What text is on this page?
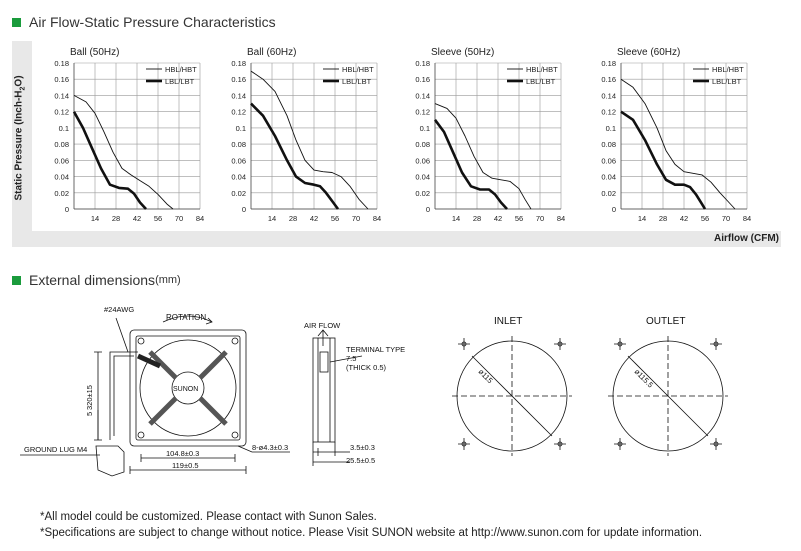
Air Flow-Static Pressure Characteristics
Ball (50Hz)
0
0.02
0.04
0.06
0.08
0.1
0.12
0.14
0.16
0.18
14 28 42 56 70 84
HBL/HBT
LBL/LBT
Ball (60Hz)
0
0.02
0.04
0.06
0.08
0.1
0.12
0.14
0.16
0.18
14 28 42 56 70 84
HBL/HBT
LBL/LBT
Sleeve (50Hz)
0
0.02
0.04
0.06
0.08
0.1
0.12
0.14
0.16
0.18
14 28 42 56 70 84
HBL/HBT
LBL/LBT
Sleeve (60Hz)
0
0.02
0.04
0.06
0.08
0.1
0.12
0.14
0.16
0.18
14 28 42 56 70 84
HBL/HBT
LBL/LBT
Static Pressure $(Inch-H_2O)$
Airflow (CFM)
External dimensions (mm)
#24AWG
ROTATION
SUNON
320±15
5
GROUND LUG M4	104.8±0.3
119±0.5
8-ø4.3±0.3
AIR FLOW
TERMINAL TYPE
7.5
(THICK 0.5)
3.5±0.3
25.5±0.5
INLET
ø115
OUTLET
ø115.5
*All model could be customized. Please contact with Sunon Sales.
*Specifications are subject to change without notice. Please Visit SUNON website at http://www.sunon.com for update information.
